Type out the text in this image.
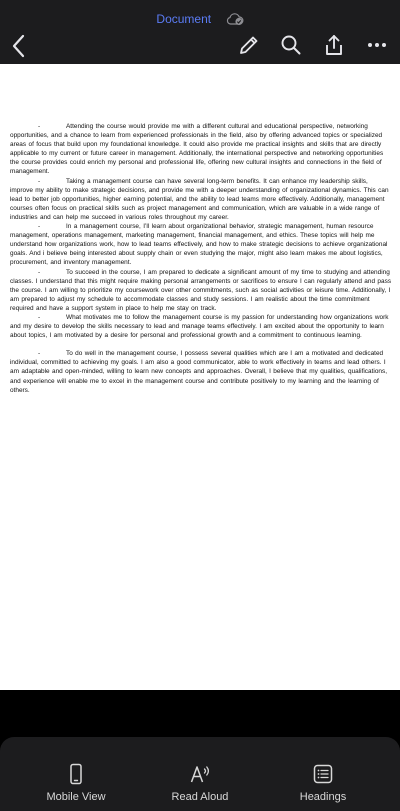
Document

-	Attending the course would provide me with a different cultural and educational perspective, networking opportunities, and a chance to learn from experienced professionals in the field, also by offering advanced topics or specialized areas of focus that build upon my foundational knowledge. It could also provide me practical insights and skills that are directly applicable to my current or future career in management. Additionally, the international perspective and networking opportunities the course provides could enrich my personal and professional life, offering new cultural insights and connections in the field of management.

-	Taking a management course can have several long-term benefits. It can enhance my leadership skills, improve my ability to make strategic decisions, and provide me with a deeper understanding of organizational dynamics. This can lead to better job opportunities, higher earning potential, and the ability to lead teams more effectively. Additionally, management courses often focus on practical skills such as project management and communication, which are valuable in a wide range of industries and can help me succeed in various roles throughout my career.

-	In a management course, I’ll learn about organizational behavior, strategic management, human resource management, operations management, marketing management, financial management, and ethics. These topics will help me understand how organizations work, how to lead teams effectively, and how to make strategic decisions to achieve organizational goals. And i believe being interested about supply chain or even studying the major, might also learn makes me about logistics, procurement, and inventory management.

-	To succeed in the course, I am prepared to dedicate a significant amount of my time to studying and attending classes. I understand that this might require making personal arrangements or sacrifices to ensure I can regularly attend and pass the course. I am willing to prioritize my coursework over other commitments, such as social activities or leisure time. Additionally, I am prepared to adjust my schedule to accommodate classes and study sessions. I am realistic about the time commitment required and have a support system in place to help me stay on track.

-	What motivates me to follow the management course is my passion for understanding how organizations work and my desire to develop the skills necessary to lead and manage teams effectively. I am excited about the opportunity to learn about topics, I am motivated by a desire for personal and professional growth and a commitment to continuous learning.

-	To do well in the management course, I possess several qualities which are I am a motivated and dedicated individual, committed to achieving my goals. I am also a good communicator, able to work effectively in teams and lead others. I am adaptable and open-minded, willing to learn new concepts and approaches. Overall, I believe that my qualities, qualifications, and experience will enable me to excel in the management course and contribute positively to my learning and the learning of others.

Mobile View	Read Aloud	Headings
